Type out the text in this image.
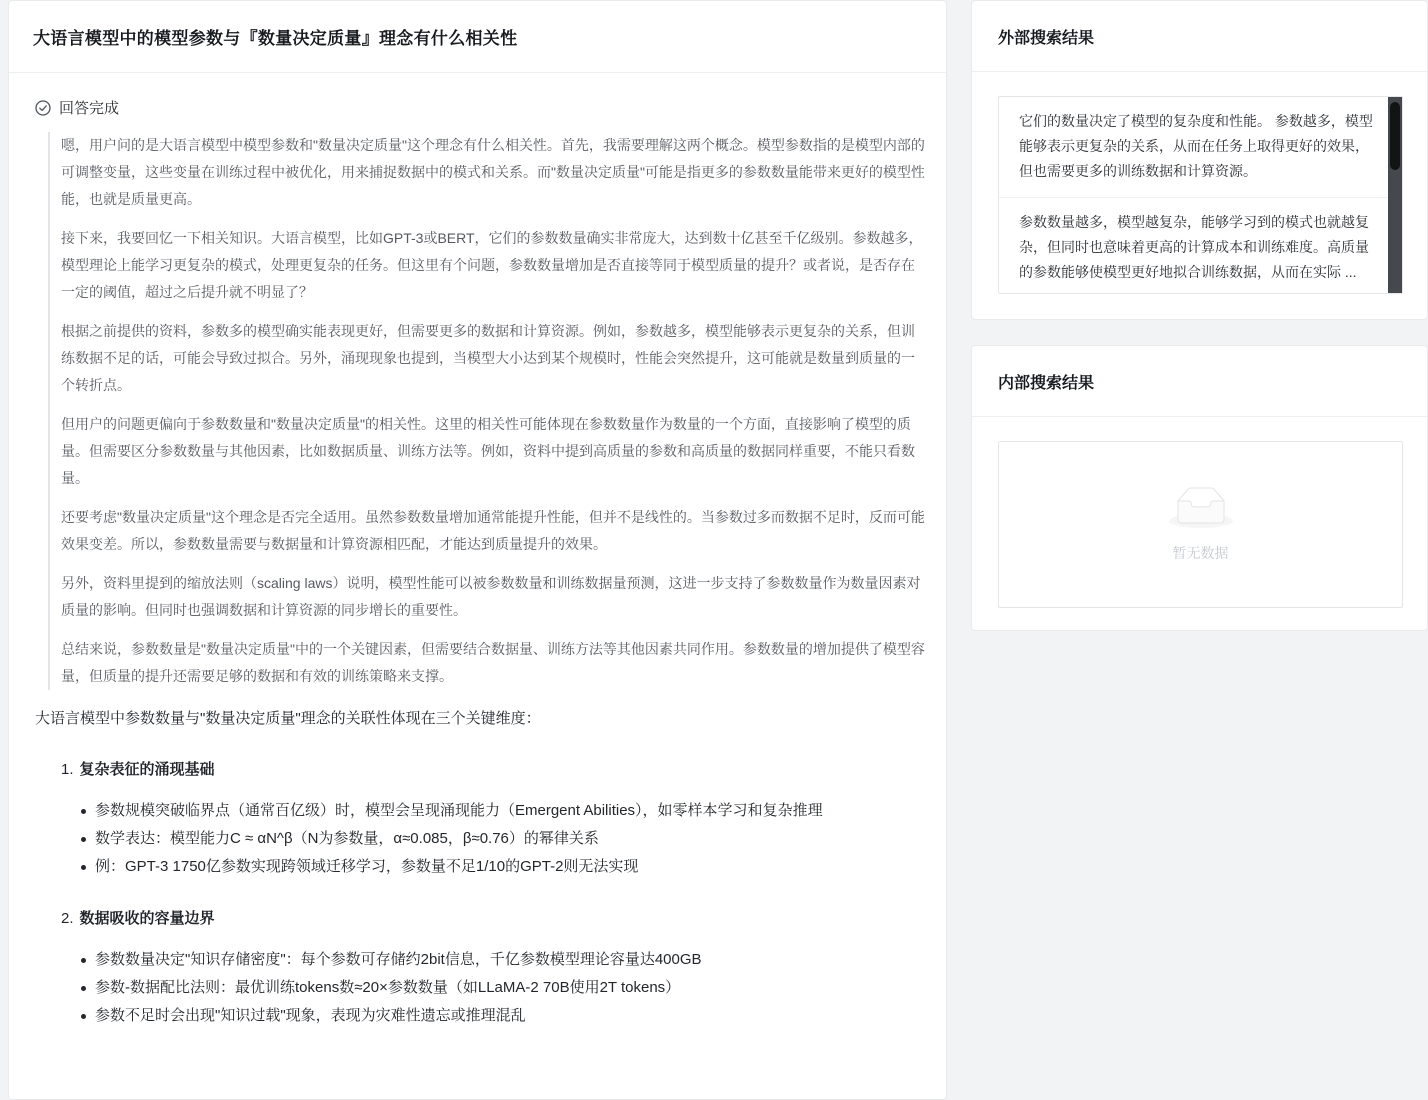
大语言模型中的模型参数与『数量决定质量』理念有什么相关性
回答完成

嗯，用户问的是大语言模型中模型参数和"数量决定质量"这个理念有什么相关性。首先，我需要理解这两个概念。模型参数指的是模型内部的可调整变量，这些变量在训练过程中被优化，用来捕捉数据中的模式和关系。而"数量决定质量"可能是指更多的参数数量能带来更好的模型性能，也就是质量更高。

接下来，我要回忆一下相关知识。大语言模型，比如GPT-3或BERT，它们的参数数量确实非常庞大，达到数十亿甚至千亿级别。参数越多，模型理论上能学习更复杂的模式，处理更复杂的任务。但这里有个问题，参数数量增加是否直接等同于模型质量的提升？或者说，是否存在一定的阈值，超过之后提升就不明显了？

根据之前提供的资料，参数多的模型确实能表现更好，但需要更多的数据和计算资源。例如，参数越多，模型能够表示更复杂的关系，但训练数据不足的话，可能会导致过拟合。另外，涌现现象也提到，当模型大小达到某个规模时，性能会突然提升，这可能就是数量到质量的一个转折点。

但用户的问题更偏向于参数数量和"数量决定质量"的相关性。这里的相关性可能体现在参数数量作为数量的一个方面，直接影响了模型的质量。但需要区分参数数量与其他因素，比如数据质量、训练方法等。例如，资料中提到高质量的参数和高质量的数据同样重要，不能只看数量。

还要考虑"数量决定质量"这个理念是否完全适用。虽然参数数量增加通常能提升性能，但并不是线性的。当参数过多而数据不足时，反而可能效果变差。所以，参数数量需要与数据量和计算资源相匹配，才能达到质量提升的效果。

另外，资料里提到的缩放法则（scaling laws）说明，模型性能可以被参数数量和训练数据量预测，这进一步支持了参数数量作为数量因素对质量的影响。但同时也强调数据和计算资源的同步增长的重要性。

总结来说，参数数量是"数量决定质量"中的一个关键因素，但需要结合数据量、训练方法等其他因素共同作用。参数数量的增加提供了模型容量，但质量的提升还需要足够的数据和有效的训练策略来支撑。

大语言模型中参数数量与"数量决定质量"理念的关联性体现在三个关键维度：

1. 复杂表征的涌现基础
参数规模突破临界点（通常百亿级）时，模型会呈现涌现能力（Emergent Abilities），如零样本学习和复杂推理
数学表达：模型能力C ≈ αN^β（N为参数量，α≈0.085，β≈0.76）的幂律关系
例：GPT-3 1750亿参数实现跨领域迁移学习，参数量不足1/10的GPT-2则无法实现
2. 数据吸收的容量边界
参数数量决定"知识存储密度"：每个参数可存储约2bit信息，千亿参数模型理论容量达400GB
参数-数据配比法则：最优训练tokens数≈20×参数数量（如LLaMA-2 70B使用2T tokens）
参数不足时会出现"知识过载"现象，表现为灾难性遗忘或推理混乱
外部搜索结果
它们的数量决定了模型的复杂度和性能。 参数越多，模型能够表示更复杂的关系，从而在任务上取得更好的效果，但也需要更多的训练数据和计算资源。
参数数量越多，模型越复杂，能够学习到的模式也就越复杂，但同时也意味着更高的计算成本和训练难度。高质量的参数能够使模型更好地拟合训练数据，从而在实际 ...
内部搜索结果
暂无数据
